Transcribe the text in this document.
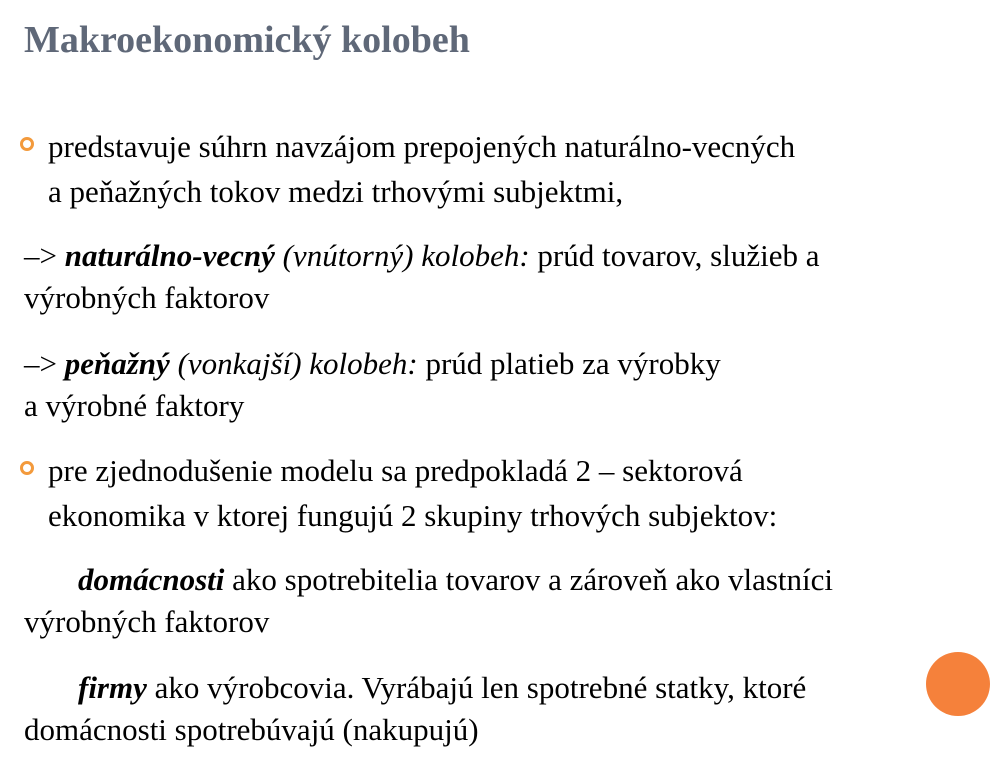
Makroekonomický kolobeh
predstavuje súhrn navzájom prepojených naturálno-vecných
a peňažných tokov medzi trhovými subjektmi,
–> naturálno-vecný (vnútorný) kolobeh: prúd tovarov, služieb a
výrobných faktorov
–> peňažný (vonkajší) kolobeh: prúd platieb za výrobky
a výrobné faktory
pre zjednodušenie modelu sa predpokladá 2 – sektorová
ekonomika v ktorej fungujú 2 skupiny trhových subjektov:
domácnosti ako spotrebitelia tovarov a zároveň ako vlastníci
výrobných faktorov
firmy ako výrobcovia. Vyrábajú len spotrebné statky, ktoré
domácnosti spotrebúvajú (nakupujú)
